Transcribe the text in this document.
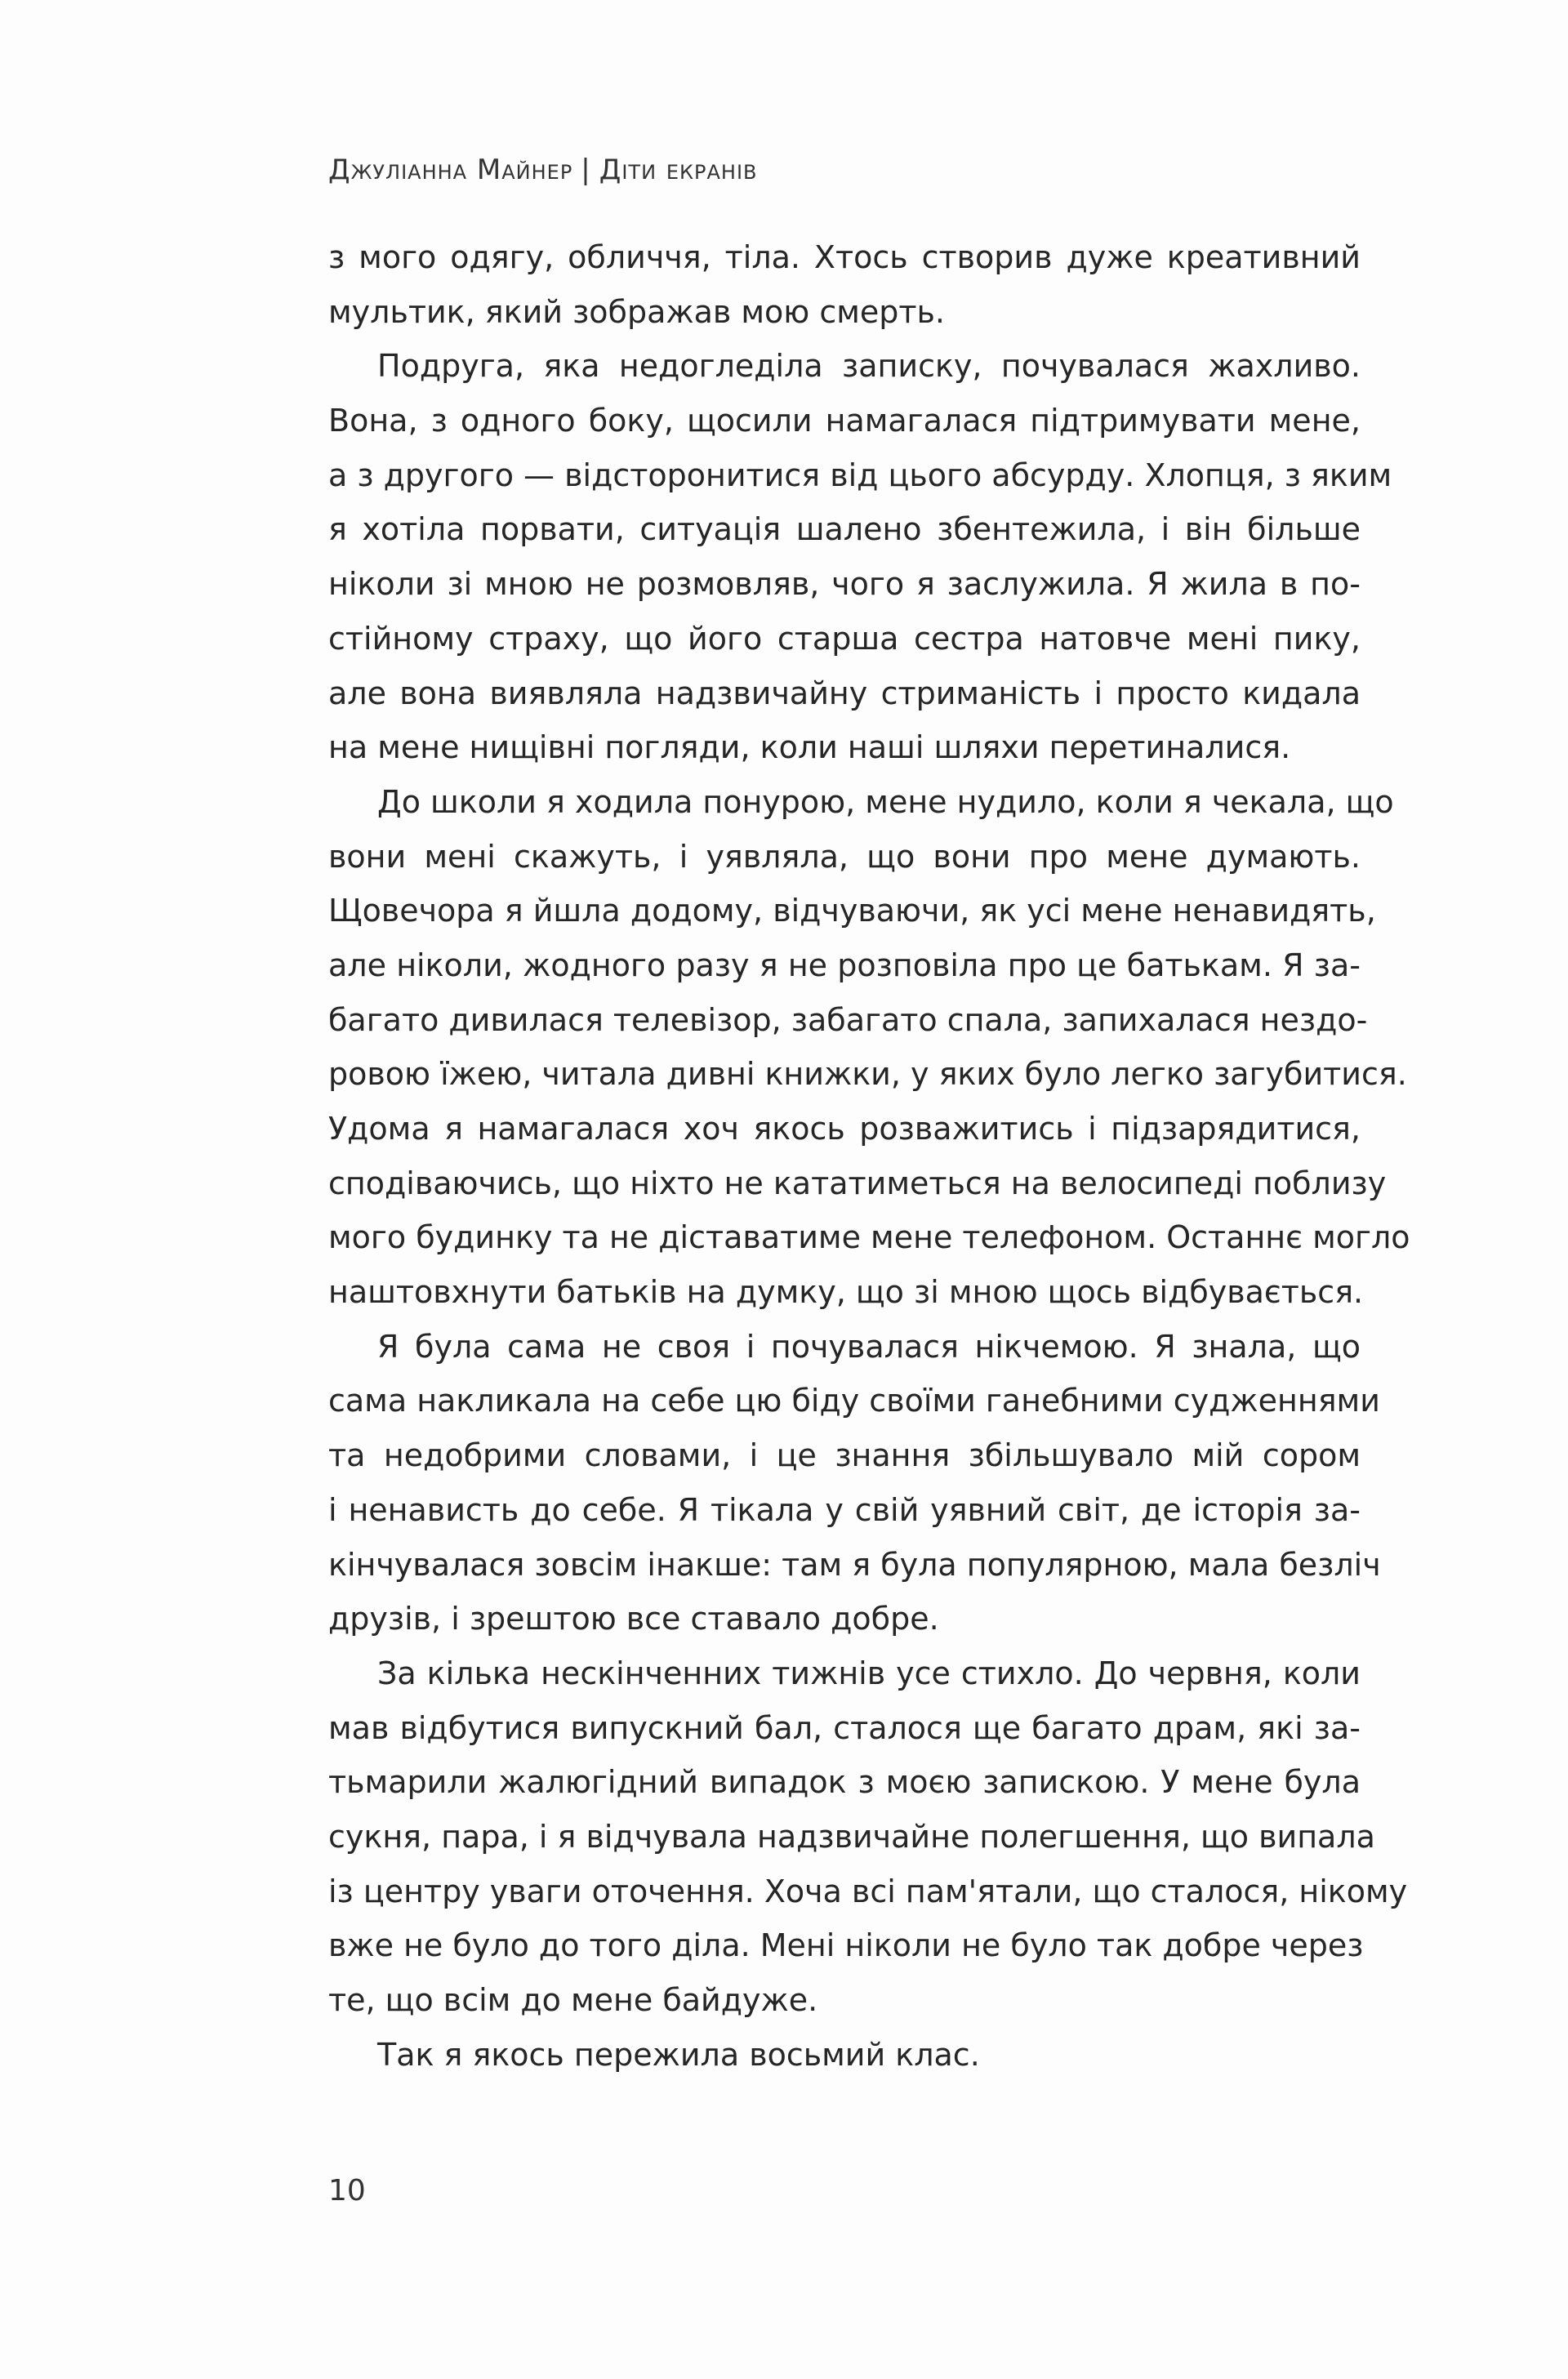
Джуліанна Майнер | Діти екранів
з мого одягу, обличчя, тіла. Хтось створив дуже креативний
мультик, який зображав мою смерть.
Подруга, яка недогледіла записку, почувалася жахливо.
Вона, з одного боку, щосили намагалася підтримувати мене,
а з другого — відсторонитися від цього абсурду. Хлопця, з яким
я хотіла порвати, ситуація шалено збентежила, і він більше
ніколи зі мною не розмовляв, чого я заслужила. Я жила в по-
стійному страху, що його старша сестра натовче мені пику,
але вона виявляла надзвичайну стриманість і просто кидала
на мене нищівні погляди, коли наші шляхи перетиналися.
До школи я ходила понурою, мене нудило, коли я чекала, що
вони мені скажуть, і уявляла, що вони про мене думають.
Щовечора я йшла додому, відчуваючи, як усі мене ненавидять,
але ніколи, жодного разу я не розповіла про це батькам. Я за-
багато дивилася телевізор, забагато спала, запихалася нездо-
ровою їжею, читала дивні книжки, у яких було легко загубитися.
Удома я намагалася хоч якось розважитись і підзарядитися,
сподіваючись, що ніхто не кататиметься на велосипеді поблизу
мого будинку та не діставатиме мене телефоном. Останнє могло
наштовхнути батьків на думку, що зі мною щось відбувається.
Я була сама не своя і почувалася нікчемою. Я знала, що
сама накликала на себе цю біду своїми ганебними судженнями
та недобрими словами, і це знання збільшувало мій сором
і ненависть до себе. Я тікала у свій уявний світ, де історія за-
кінчувалася зовсім інакше: там я була популярною, мала безліч
друзів, і зрештою все ставало добре.
За кілька нескінченних тижнів усе стихло. До червня, коли
мав відбутися випускний бал, сталося ще багато драм, які за-
тьмарили жалюгідний випадок з моєю запискою. У мене була
сукня, пара, і я відчувала надзвичайне полегшення, що випала
із центру уваги оточення. Хоча всі пам'ятали, що сталося, нікому
вже не було до того діла. Мені ніколи не було так добре через
те, що всім до мене байдуже.
Так я якось пережила восьмий клас.
10
